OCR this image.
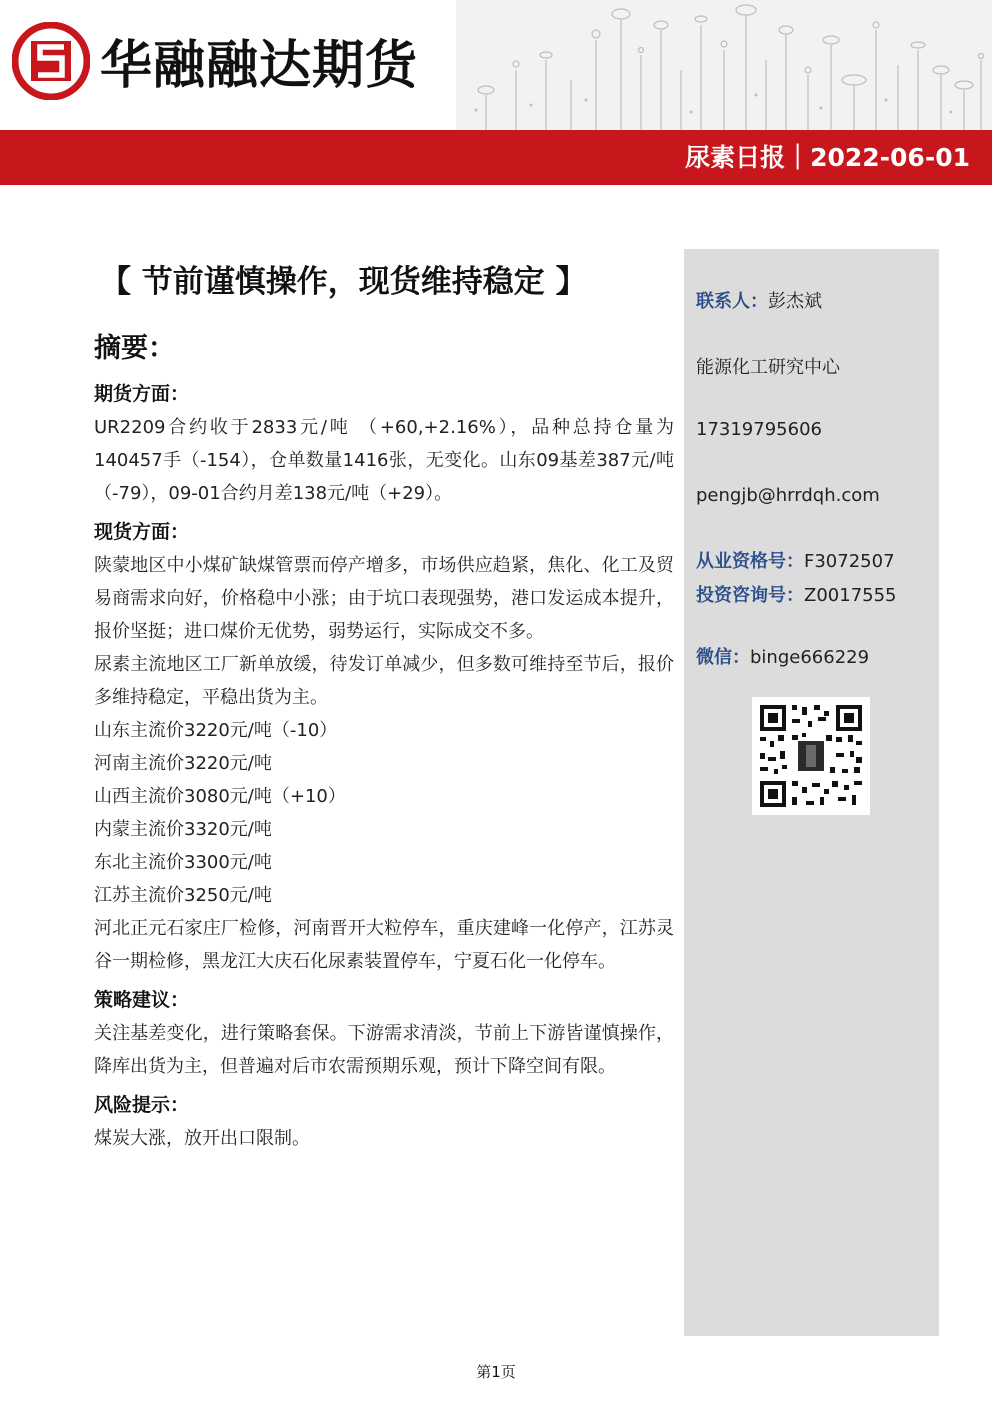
华融融达期货
尿素日报｜2022-06-01
【 节前谨慎操作，现货维持稳定 】
摘要：
期货方面：

UR2209合约收于2833元/吨 （+60,+2.16%），品种总持仓量为140457手（-154），仓单数量1416张，无变化。山东09基差387元/吨（-79），09-01合约月差138元/吨（+29）。

现货方面：

陕蒙地区中小煤矿缺煤管票而停产增多，市场供应趋紧，焦化、化工及贸易商需求向好，价格稳中小涨；由于坑口表现强势，港口发运成本提升，报价坚挺；进口煤价无优势，弱势运行，实际成交不多。

尿素主流地区工厂新单放缓，待发订单减少，但多数可维持至节后，报价多维持稳定，平稳出货为主。

山东主流价3220元/吨（-10）

河南主流价3220元/吨

山西主流价3080元/吨（+10）

内蒙主流价3320元/吨

东北主流价3300元/吨

江苏主流价3250元/吨

河北正元石家庄厂检修，河南晋开大粒停车，重庆建峰一化停产，江苏灵谷一期检修，黑龙江大庆石化尿素装置停车，宁夏石化一化停车。

策略建议：

关注基差变化，进行策略套保。下游需求清淡，节前上下游皆谨慎操作，降库出货为主，但普遍对后市农需预期乐观，预计下降空间有限。

风险提示：

煤炭大涨，放开出口限制。

联系人：彭杰斌
能源化工研究中心
17319795606
pengjb@hrrdqh.com
从业资格号：F3072507
投资咨询号：Z0017555
微信：binge666229
第1页
